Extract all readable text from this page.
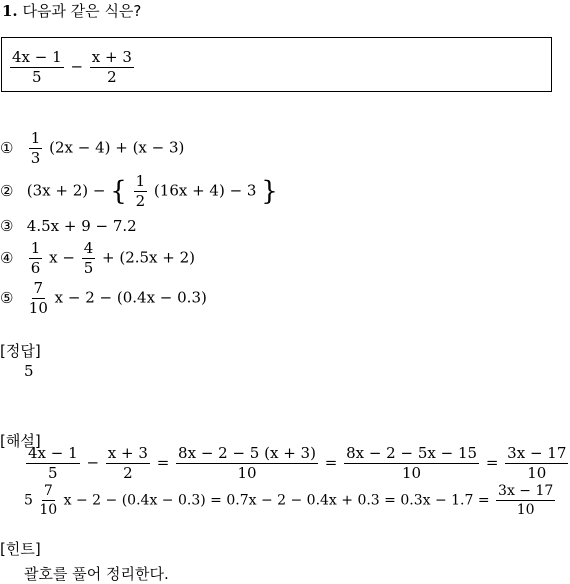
1. 다음과 같은 식은?
$\frac{4x - 1}{5} - \frac{x + 3}{2}$
① $\frac{1}{3} (2x - 4) + (x - 3)$
② (3x + 2) − { $\frac{1}{2} (16x + 4) - 3$ }
③ 4.5x + 9 − 7.2
④ $\frac{1}{6}$ $x - \frac{4}{5} + (2.5x + 2)$
⑤ $\frac{7}{10}$ x − 2 − (0.4x − 0.3)
[정답]
5
[해설]
$\frac{4x - 1}{5} - \frac{x + 3}{2} = \frac{8x - 2 - 5 (x + 3)}{10} = \frac{8x - 2 - 5x - 15}{10} = \frac{3x - 17}{10}$
$5 \frac{7}{10}$ $x - 2 - (0.4x - 0.3) = 0.7x - 2 - 0.4x + 0.3 = 0.3x - 1.7 = \frac{3x - 17}{10}$
[힌트]
괄호를 풀어 정리한다.
